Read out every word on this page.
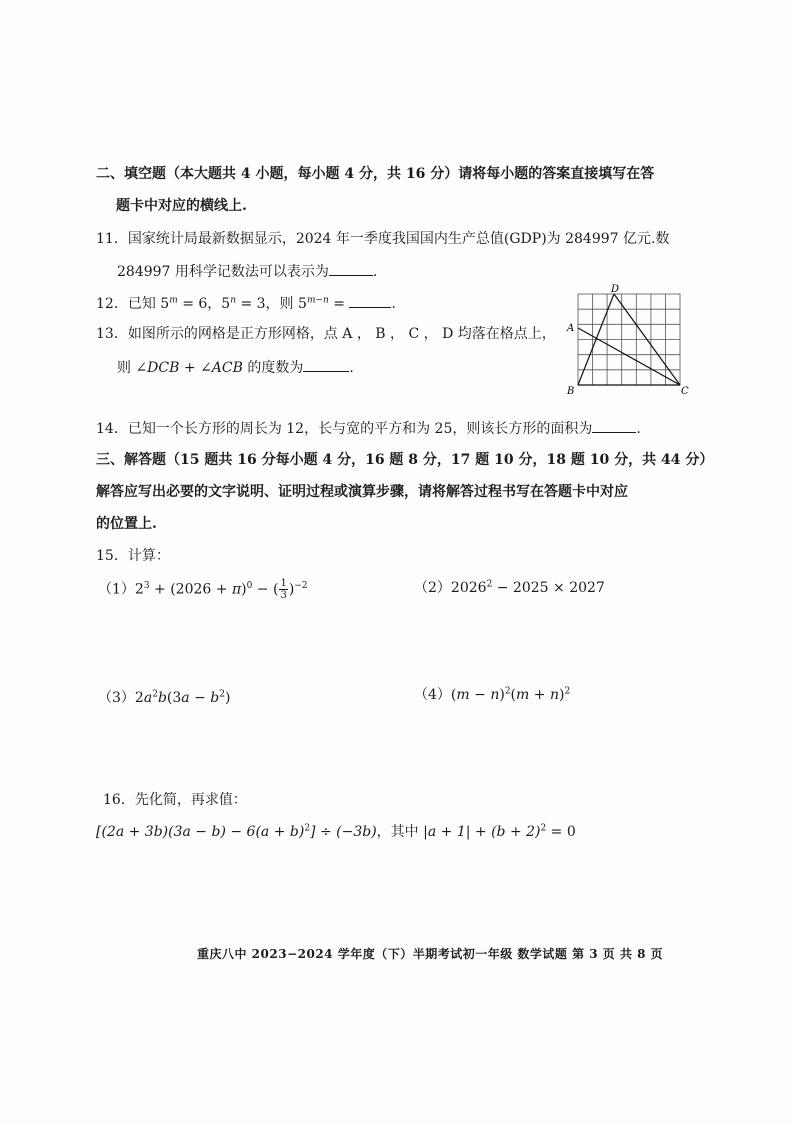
二、填空题（本大题共 4 小题，每小题 4 分，共 16 分）请将每小题的答案直接填写在答
题卡中对应的横线上.
11．国家统计局最新数据显示，2024 年一季度我国国内生产总值(GDP)为 284997 亿元.数
284997 用科学记数法可以表示为	.
12．已知 $5^m = 6$，$5^n = 3$，则 $5^{m-n}$ =	.
13．如图所示的网格是正方形网格，点 A ， B ， C ， D 均落在格点上，
则 ∠DCB + ∠ACB 的度数为	.
A
B	C
D
14．已知一个长方形的周长为 12，长与宽的平方和为 25，则该长方形的面积为	.
三、解答题（15 题共 16 分每小题 4 分，16 题 8 分，17 题 10 分，18 题 10 分，共 44 分）
解答应写出必要的文字说明、证明过程或演算步骤，请将解答过程书写在答题卡中对应
的位置上.
15．计算：
$(1)2^3 + (2026 + \pi)^0$ − ( $\frac{1}{3} )^{-2}$	$(2)2026^2 - 2025 \times 2027$
$(3)2a^2b(3a - b^2)$	$(4)(m - n)^2(m + n)^2$
16．先化简，再求值：
$[(2a + 3b)(3a - b) - 6(a + b)^2] \div (-3b)$，其中 $|a + 1| + (b + 2)^2 = 0$
重庆八中 2023−2024 学年度（下）半期考试初一年级 数学试题 第 3 页 共 8 页
